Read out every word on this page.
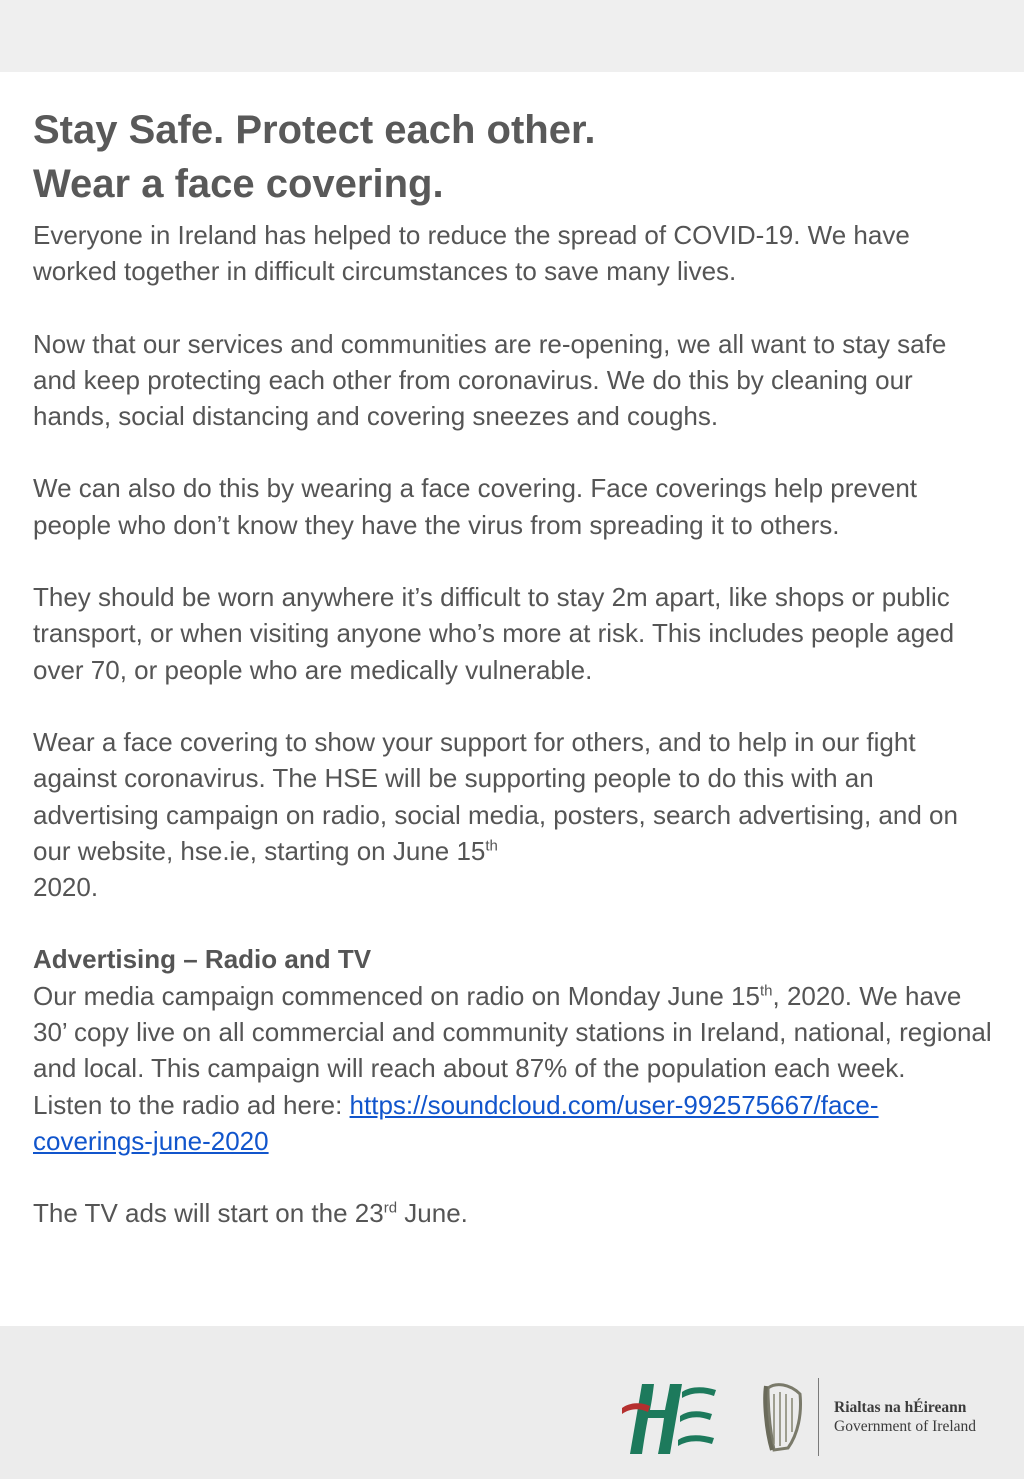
Stay Safe. Protect each other.
Wear a face covering.

Everyone in Ireland has helped to reduce the spread of COVID-19. We have worked together in difficult circumstances to save many lives.

Now that our services and communities are re-opening, we all want to stay safe and keep protecting each other from coronavirus. We do this by cleaning our hands, social distancing and covering sneezes and coughs.

We can also do this by wearing a face covering. Face coverings help prevent people who don’t know they have the virus from spreading it to others.

They should be worn anywhere it’s difficult to stay 2m apart, like shops or public transport, or when visiting anyone who’s more at risk. This includes people aged over 70, or people who are medically vulnerable.

Wear a face covering to show your support for others, and to help in our fight against coronavirus. The HSE will be supporting people to do this with an advertising campaign on radio, social media, posters, search advertising, and on our website, hse.ie, starting on June 15th
2020.

Advertising – Radio and TV
Our media campaign commenced on radio on Monday June 15th, 2020. We have 30’ copy live on all commercial and community stations in Ireland, national, regional and local. This campaign will reach about 87% of the population each week.
Listen to the radio ad here: https://soundcloud.com/user-992575667/face-coverings-june-2020
The TV ads will start on the 23rd June.
Rialtas na hÉireann
Government of Ireland
